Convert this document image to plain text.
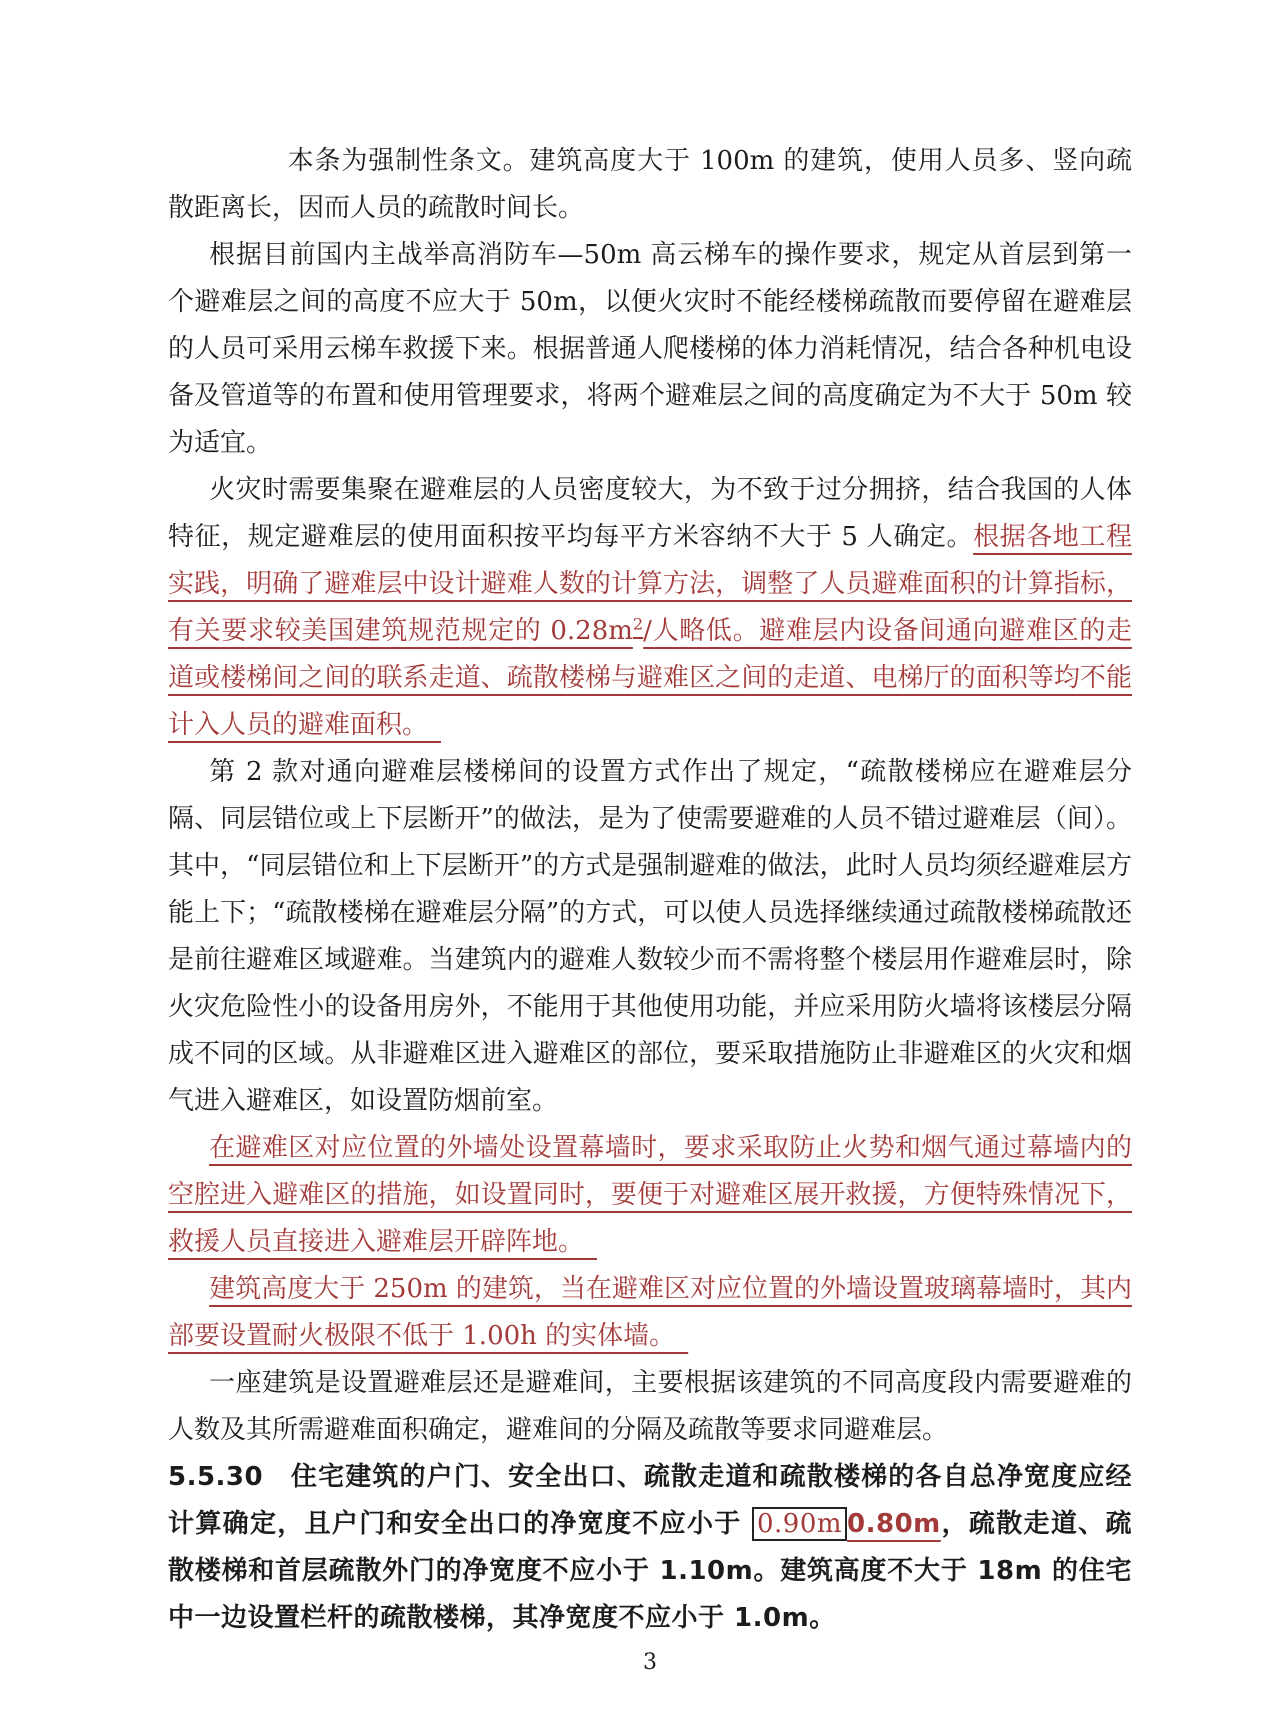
本条为强制性条文。建筑高度大于 100m 的建筑，使用人员多、竖向疏散距离长，因而人员的疏散时间长。

根据目前国内主战举高消防车—50m 高云梯车的操作要求，规定从首层到第一个避难层之间的高度不应大于 50m，以便火灾时不能经楼梯疏散而要停留在避难层的人员可采用云梯车救援下来。根据普通人爬楼梯的体力消耗情况，结合各种机电设备及管道等的布置和使用管理要求，将两个避难层之间的高度确定为不大于 50m 较为适宜。

火灾时需要集聚在避难层的人员密度较大，为不致于过分拥挤，结合我国的人体特征，规定避难层的使用面积按平均每平方米容纳不大于 5 人确定。根据各地工程实践，明确了避难层中设计避难人数的计算方法，调整了人员避难面积的计算指标，有关要求较美国建筑规范规定的 $0.28m^2/$人略低。避难层内设备间通向避难区的走道或楼梯间之间的联系走道、疏散楼梯与避难区之间的走道、电梯厅的面积等均不能计入人员的避难面积。　

第 2 款对通向避难层楼梯间的设置方式作出了规定，“疏散楼梯应在避难层分隔、同层错位或上下层断开”的做法，是为了使需要避难的人员不错过避难层（间）。其中，“同层错位和上下层断开”的方式是强制避难的做法，此时人员均须经避难层方能上下；“疏散楼梯在避难层分隔”的方式，可以使人员选择继续通过疏散楼梯疏散还是前往避难区域避难。当建筑内的避难人数较少而不需将整个楼层用作避难层时，除火灾危险性小的设备用房外，不能用于其他使用功能，并应采用防火墙将该楼层分隔成不同的区域。从非避难区进入避难区的部位，要采取措施防止非避难区的火灾和烟气进入避难区，如设置防烟前室。

在避难区对应位置的外墙处设置幕墙时，要求采取防止火势和烟气通过幕墙内的空腔进入避难区的措施，如设置同时，要便于对避难区展开救援，方便特殊情况下，救援人员直接进入避难层开辟阵地。　

建筑高度大于 250m 的建筑，当在避难区对应位置的外墙设置玻璃幕墙时，其内部要设置耐火极限不低于 1.00h 的实体墙。　

一座建筑是设置避难层还是避难间，主要根据该建筑的不同高度段内需要避难的人数及其所需避难面积确定，避难间的分隔及疏散等要求同避难层。

5.5.30　住宅建筑的户门、安全出口、疏散走道和疏散楼梯的各自总净宽度应经计算确定，且户门和安全出口的净宽度不应小于 0.90m 0.80m，疏散走道、疏散楼梯和首层疏散外门的净宽度不应小于 1.10m。建筑高度不大于 18m 的住宅中一边设置栏杆的疏散楼梯，其净宽度不应小于 1.0m。

3
